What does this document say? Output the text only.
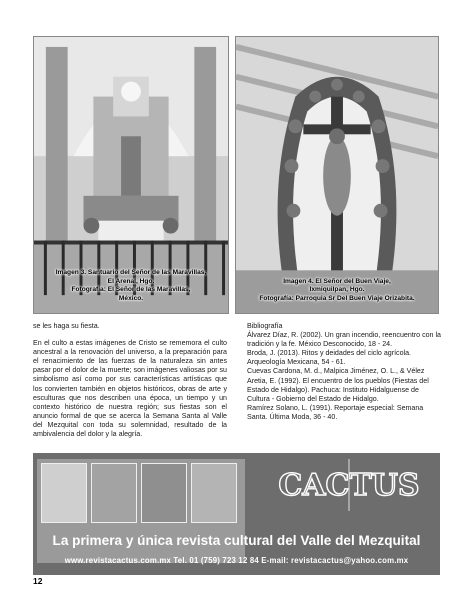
Imagen 3. Santuario del Señor de las Maravillas,
El Arenal, Hgo.
Fotografía: El Señor de las Maravillas,
México.
Imagen 4. El Señor del Buen Viaje,
Ixmiquilpan, Hgo.
Fotografía: Parroquia Sr Del Buen Viaje Orizabita.

se les haga su fiesta.

En el culto a estas imágenes de Cristo se rememora el culto ancestral a la renovación del universo, a la preparación para el renacimiento de las fuerzas de la naturaleza sin antes pasar por el dolor de la muerte; son imágenes valiosas por su simbolismo así como por sus características artísticas que los convierten también en objetos históricos, obras de arte y esculturas que nos describen una época, un tiempo y un contexto histórico de nuestra región; sus fiestas son el anuncio formal de que se acerca la Semana Santa al Valle del Mezquital con toda su solemnidad, resultado de la ambivalencia del dolor y la alegría.

Bibliografía

Álvarez Díaz, R. (2002). Un gran incendio, reencuentro con la tradición y la fe. México Desconocido, 18 - 24.

Broda, J. (2013). Ritos y deidades del ciclo agrícola. Arqueología Mexicana, 54 - 61.

Cuevas Cardona, M. d., Malpica Jiménez, O. L., & Vélez Aretia, E. (1992). El encuentro de los pueblos (Fiestas del Estado de Hidalgo). Pachuca: Instituto Hidalguense de Cultura - Gobierno del Estado de Hidalgo.

Ramírez Solano, L. (1991). Reportaje especial: Semana Santa. Última Moda, 36 - 40.

CACTUS
La primera y única revista cultural del Valle del Mezquital
www.revistacactus.com.mx Tel. 01 (759) 723 12 84 E-mail: revistacactus@yahoo.com.mx
12
